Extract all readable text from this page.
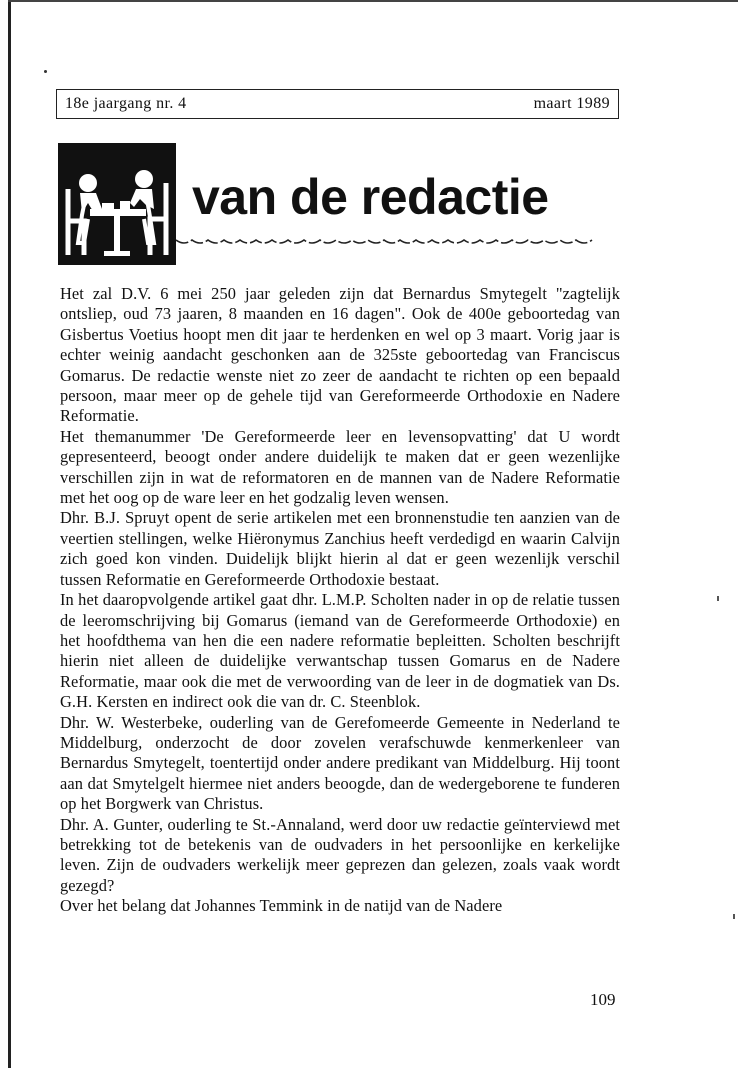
18e jaargang nr. 4	maart 1989
van de redactie

Het zal D.V. 6 mei 250 jaar geleden zijn dat Bernardus Smytegelt "zagtelijk ontsliep, oud 73 jaaren, 8 maanden en 16 dagen". Ook de 400e geboortedag van Gisbertus Voetius hoopt men dit jaar te herdenken en wel op 3 maart. Vorig jaar is echter weinig aandacht geschonken aan de 325ste geboortedag van Franciscus Gomarus. De redactie wenste niet zo zeer de aandacht te richten op een bepaald persoon, maar meer op de gehele tijd van Gereformeerde Orthodoxie en Nadere Reformatie.

Het themanummer 'De Gereformeerde leer en levensopvatting' dat U wordt gepresenteerd, beoogt onder andere duidelijk te maken dat er geen wezenlijke verschillen zijn in wat de reformatoren en de mannen van de Nadere Reformatie met het oog op de ware leer en het godzalig leven wensen.

Dhr. B.J. Spruyt opent de serie artikelen met een bronnenstudie ten aanzien van de veertien stellingen, welke Hiëronymus Zanchius heeft verdedigd en waarin Calvijn zich goed kon vinden. Duidelijk blijkt hierin al dat er geen wezenlijk verschil tussen Reformatie en Gereformeerde Orthodoxie bestaat.

In het daaropvolgende artikel gaat dhr. L.M.P. Scholten nader in op de relatie tussen de leeromschrijving bij Gomarus (iemand van de Gereformeerde Orthodoxie) en het hoofdthema van hen die een nadere reformatie bepleitten. Scholten beschrijft hierin niet alleen de duidelijke verwantschap tussen Gomarus en de Nadere Reformatie, maar ook die met de verwoording van de leer in de dogmatiek van Ds. G.H. Kersten en indirect ook die van dr. C. Steenblok.

Dhr. W. Westerbeke, ouderling van de Gerefomeerde Gemeente in Nederland te Middelburg, onderzocht de door zovelen verafschuwde kenmerkenleer van Bernardus Smytegelt, toentertijd onder andere predikant van Middelburg. Hij toont aan dat Smytelgelt hiermee niet anders beoogde, dan de wedergeborene te funderen op het Borgwerk van Christus.

Dhr. A. Gunter, ouderling te St.-Annaland, werd door uw redactie geïnterviewd met betrekking tot de betekenis van de oudvaders in het persoonlijke en kerkelijke leven. Zijn de oudvaders werkelijk meer geprezen dan gelezen, zoals vaak wordt gezegd?

Over het belang dat Johannes Temmink in de natijd van de Nadere

109
